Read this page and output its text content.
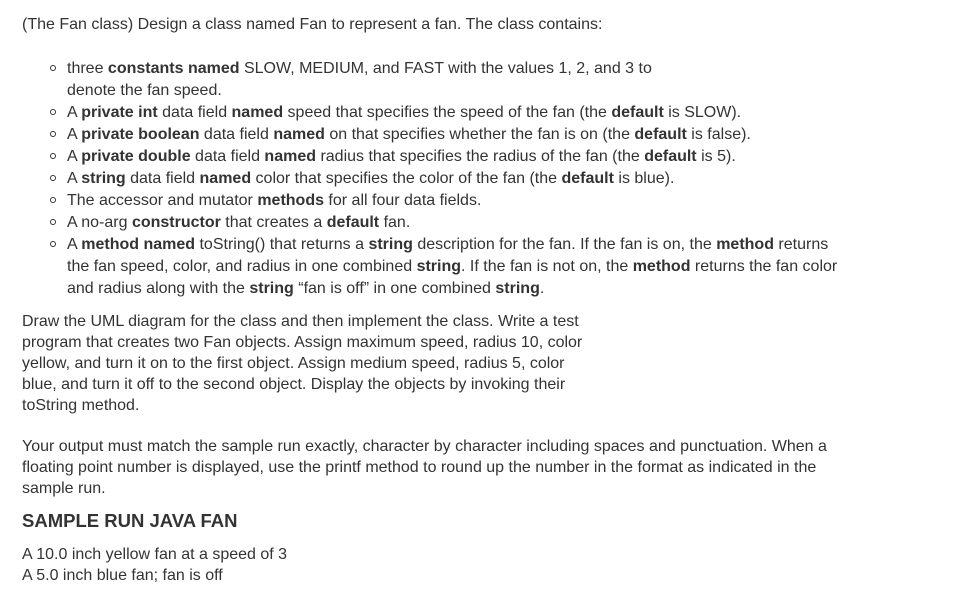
(The Fan class) Design a class named Fan to represent a fan. The class contains:

three constants named SLOW, MEDIUM, and FAST with the values 1, 2, and 3 to
denote the fan speed.
A private int data field named speed that specifies the speed of the fan (the default is SLOW).
A private boolean data field named on that specifies whether the fan is on (the default is false).
A private double data field named radius that specifies the radius of the fan (the default is 5).
A string data field named color that specifies the color of the fan (the default is blue).
The accessor and mutator methods for all four data fields.
A no-arg constructor that creates a default fan.
A method named toString() that returns a string description for the fan. If the fan is on, the method returns
the fan speed, color, and radius in one combined string. If the fan is not on, the method returns the fan color
and radius along with the string “fan is off” in one combined string.
Draw the UML diagram for the class and then implement the class. Write a test
program that creates two Fan objects. Assign maximum speed, radius 10, color
yellow, and turn it on to the first object. Assign medium speed, radius 5, color
blue, and turn it off to the second object. Display the objects by invoking their
toString method.
Your output must match the sample run exactly, character by character including spaces and punctuation. When a
floating point number is displayed, use the printf method to round up the number in the format as indicated in the
sample run.
SAMPLE RUN JAVA FAN
A 10.0 inch yellow fan at a speed of 3
A 5.0 inch blue fan; fan is off
